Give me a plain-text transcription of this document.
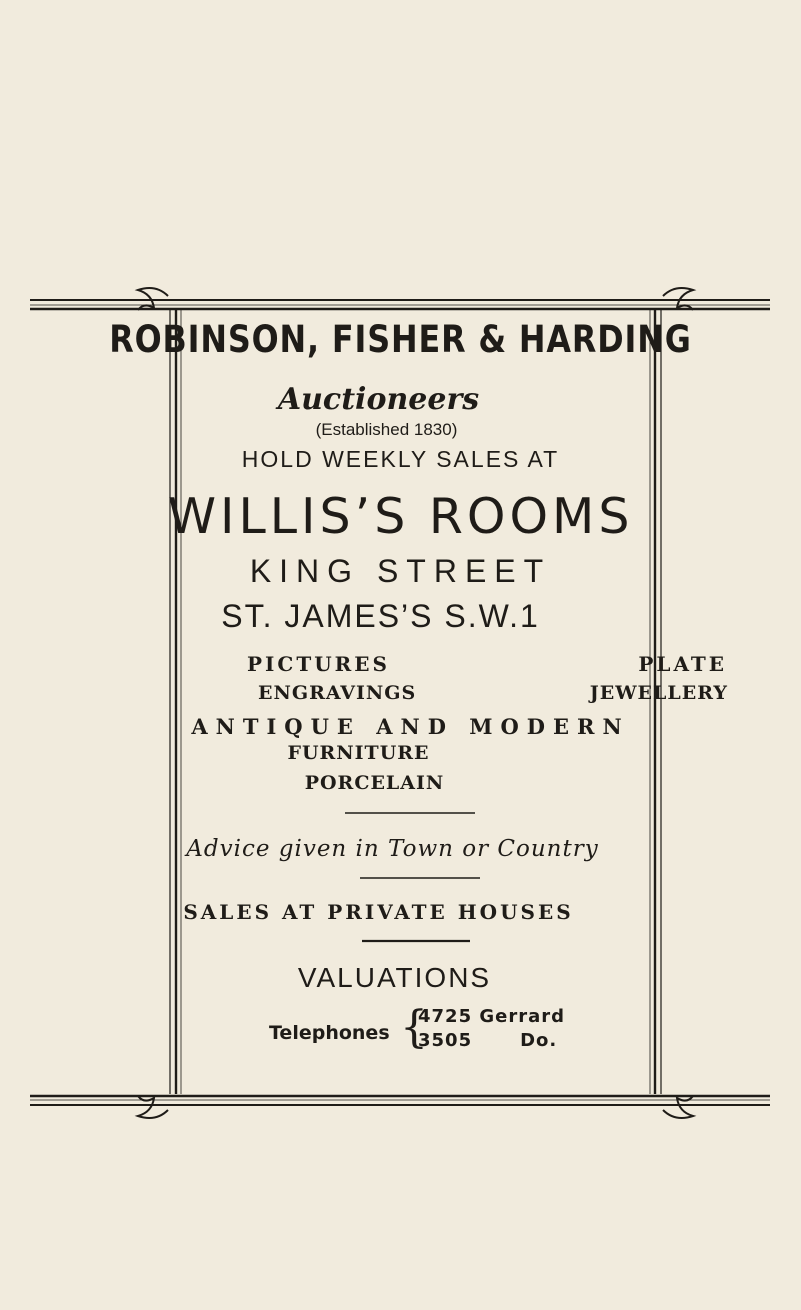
ROBINSON, FISHER & HARDING

Auctioneers

(Established 1830)

HOLD WEEKLY SALES AT

WILLIS’S ROOMS

KING STREET

ST. JAMES’S S.W.1

PICTURES	PLATE
ENGRAVINGS	JEWELLERY

ANTIQUE AND MODERN

FURNITURE

PORCELAIN

Advice given in Town or Country

SALES AT PRIVATE HOUSES

VALUATIONS

Telephones {
4725 Gerrard
3505	Do.
